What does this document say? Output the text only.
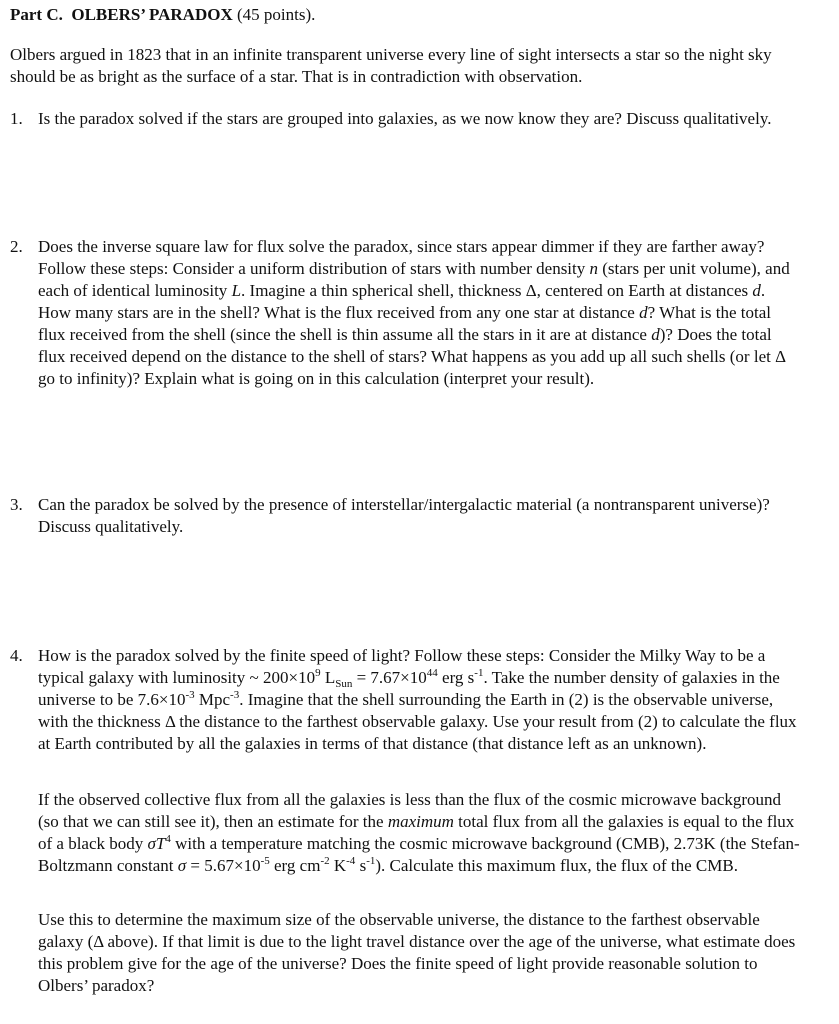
Part C. OLBERS’ PARADOX (45 points).
Olbers argued in 1823 that in an infinite transparent universe every line of sight intersects a star so the night sky should be as bright as the surface of a star. That is in contradiction with observation.
1. Is the paradox solved if the stars are grouped into galaxies, as we now know they are? Discuss qualitatively.
2. Does the inverse square law for flux solve the paradox, since stars appear dimmer if they are farther away? Follow these steps: Consider a uniform distribution of stars with number density n (stars per unit volume), and each of identical luminosity L. Imagine a thin spherical shell, thickness Δ, centered on Earth at distances d. How many stars are in the shell? What is the flux received from any one star at distance d? What is the total flux received from the shell (since the shell is thin assume all the stars in it are at distance d)? Does the total flux received depend on the distance to the shell of stars? What happens as you add up all such shells (or let Δ go to infinity)? Explain what is going on in this calculation (interpret your result).
3. Can the paradox be solved by the presence of interstellar/intergalactic material (a nontransparent universe)? Discuss qualitatively.
4. How is the paradox solved by the finite speed of light? Follow these steps: Consider the Milky Way to be a typical galaxy with luminosity ~ $200\times 10^9$ $L_{Sun} = 7.67\times 10^{44}$ erg $s^{-1}$. Take the number density of galaxies in the universe to be $7.6\times 10^{-3}$ Mpc$^{-3}$. Imagine that the shell surrounding the Earth in (2) is the observable universe, with the thickness Δ the distance to the farthest observable galaxy. Use your result from (2) to calculate the flux at Earth contributed by all the galaxies in terms of that distance (that distance left as an unknown).
If the observed collective flux from all the galaxies is less than the flux of the cosmic microwave background (so that we can still see it), then an estimate for the maximum total flux from all the galaxies is equal to the flux of a black body $\sigma T^4$ with a temperature matching the cosmic microwave background (CMB), 2.73K (the Stefan-Boltzmann constant $\sigma = 5.67\times 10^{-5}$ erg $cm^{-2}$ $K^{-4}$ $s^{-1}$). Calculate this maximum flux, the flux of the CMB.
Use this to determine the maximum size of the observable universe, the distance to the farthest observable galaxy (Δ above). If that limit is due to the light travel distance over the age of the universe, what estimate does this problem give for the age of the universe? Does the finite speed of light provide reasonable solution to Olbers’ paradox?
